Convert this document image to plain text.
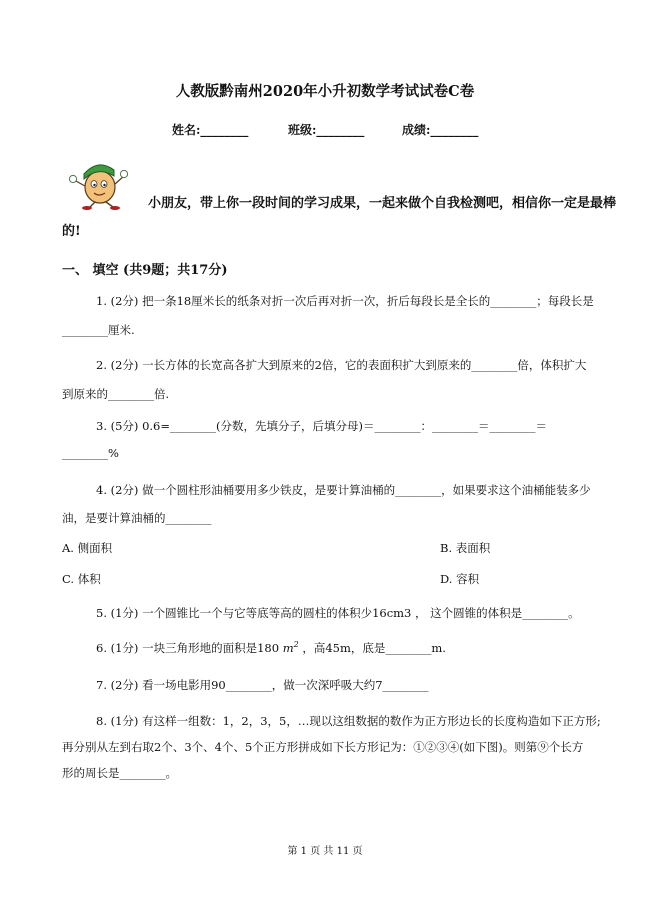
人教版黔南州2020年小升初数学考试试卷C卷
姓名:________	班级:________	成绩:________
小朋友，带上你一段时间的学习成果，一起来做个自我检测吧，相信你一定是最棒
的!
一、 填空 (共9题；共17分)
1. (2分) 把一条18厘米长的纸条对折一次后再对折一次，折后每段长是全长的________；每段长是
________厘米.
2. (2分) 一长方体的长宽高各扩大到原来的2倍，它的表面积扩大到原来的________倍，体积扩大
到原来的________倍.
3. (5分) 0.6=________(分数，先填分子，后填分母)＝________：________＝________＝
________%
4. (2分) 做一个圆柱形油桶要用多少铁皮，是要计算油桶的________，如果要求这个油桶能装多少
油，是要计算油桶的________
A. 侧面积	B. 表面积
C. 体积	D. 容积
5. (1分) 一个圆锥比一个与它等底等高的圆柱的体积少16cm3 ， 这个圆锥的体积是________。
6. (1分) 一块三角形地的面积是180 $m^2$ ，高45m，底是________m.
7. (2分) 看一场电影用90________，做一次深呼吸大约7________
8. (1分) 有这样一组数：1，2，3，5，…现以这组数据的数作为正方形边长的长度构造如下正方形;
再分别从左到右取2个、3个、4个、5个正方形拼成如下长方形记为：①②③④(如下图)。则第⑨个长方
形的周长是________。
第 1 页 共 11 页
